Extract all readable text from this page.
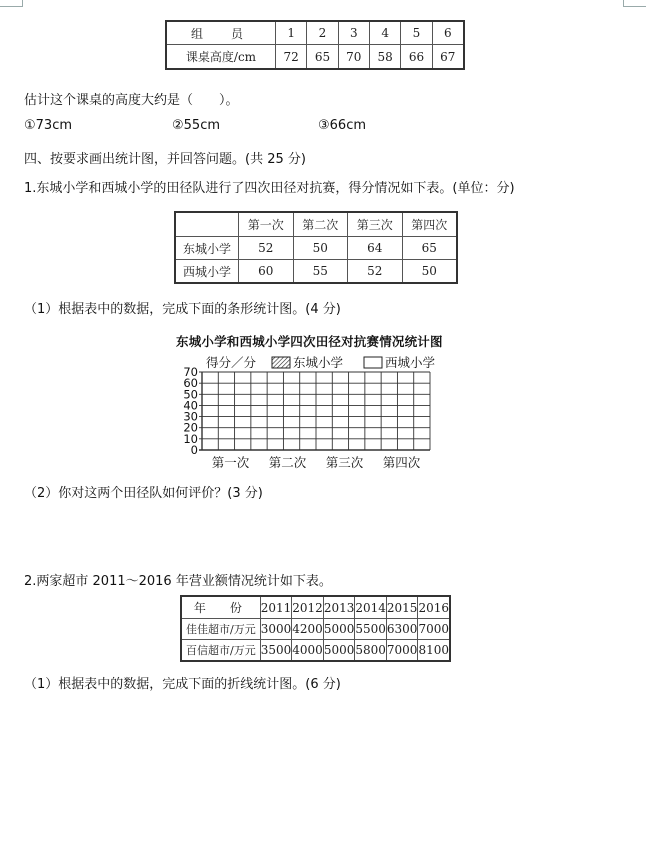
组　员	1	2	3	4	5	6
课桌高度/cm	72	65	70	58	66	67
估计这个课桌的高度大约是（　　）。
①73cm	②55cm	③66cm
四、按要求画出统计图，并回答问题。(共 25 分)
1.东城小学和西城小学的田径队进行了四次田径对抗赛，得分情况如下表。(单位：分)
	第一次	第二次	第三次	第四次
东城小学	52	50	64	65
西城小学	60	55	52	50
（1）根据表中的数据，完成下面的条形统计图。(4 分)
东城小学和西城小学四次田径对抗赛情况统计图
得分／分	东城小学	西城小学
0
10
20
30
40
50
60
70
第一次 第二次 第三次 第四次
（2）你对这两个田径队如何评价？(3 分)
2.两家超市 2011～2016 年营业额情况统计如下表。
年　份	2011	2012	2013	2014	2015	2016
佳佳超市/万元	3000	4200	5000	5500	6300	7000
百信超市/万元	3500	4000	5000	5800	7000	8100
（1）根据表中的数据，完成下面的折线统计图。(6 分)
